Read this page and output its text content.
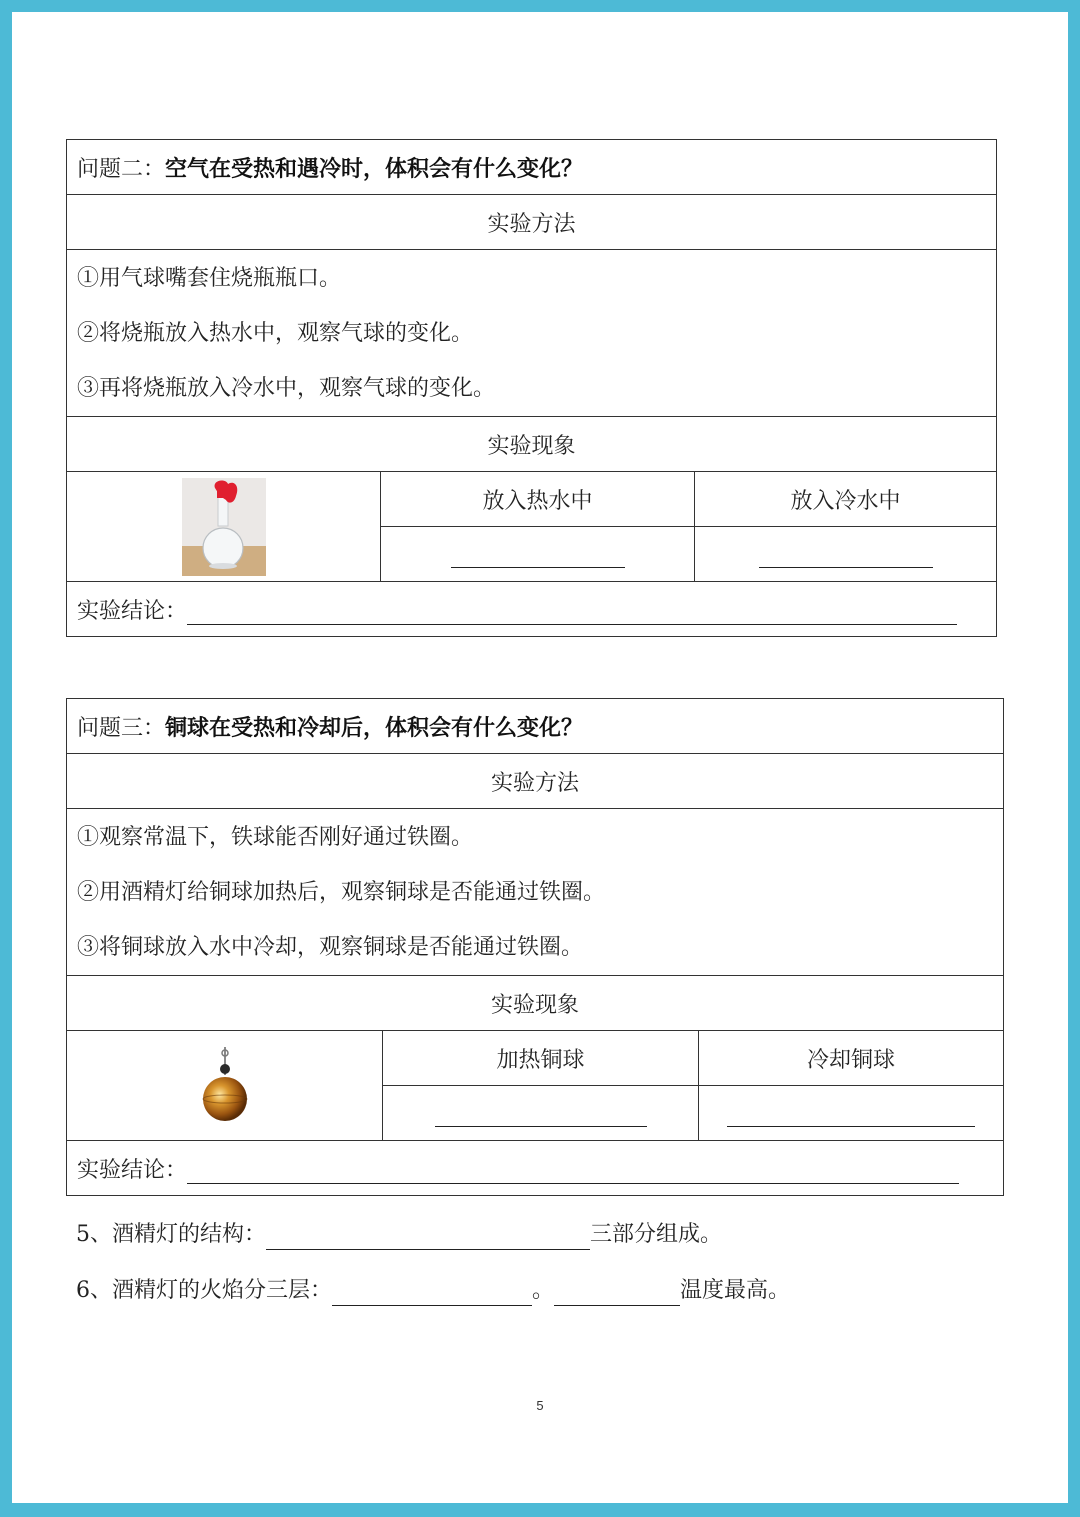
问题二：空气在受热和遇冷时，体积会有什么变化？		
实验方法		

①用气球嘴套住烧瓶瓶口。

②将烧瓶放入热水中，观察气球的变化。

③再将烧瓶放入冷水中，观察气球的变化。		

实验现象		
	放入热水中	放入冷水中

实验结论：		
问题三：铜球在受热和冷却后，体积会有什么变化？		
实验方法		

①观察常温下，铁球能否刚好通过铁圈。

②用酒精灯给铜球加热后，观察铜球是否能通过铁圈。

③将铜球放入水中冷却，观察铜球是否能通过铁圈。		

实验现象		
	加热铜球	冷却铜球

实验结论：		
5、酒精灯的结构：	三部分组成。
6、酒精灯的火焰分三层：	。	温度最高。
5
